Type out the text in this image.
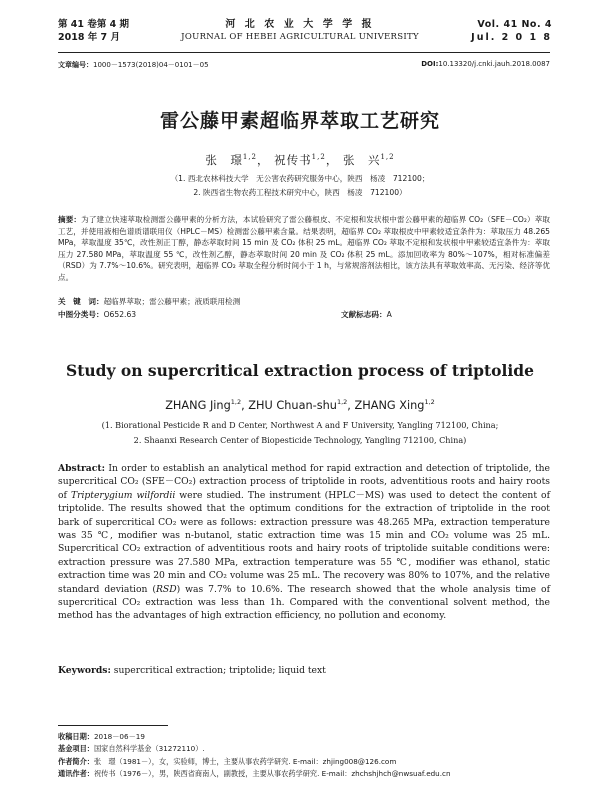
第 41 卷第 4 期
2018 年 7 月
河 北 农 业 大 学 学 报
JOURNAL OF HEBEI AGRICULTURAL UNIVERSITY
Vol. 41 No. 4
Jul. 2 0 1 8
文章编号：1000－1573(2018)04－0101－05	DOI:10.13320/j.cnki.jauh.2018.0087
雷公藤甲素超临界萃取工艺研究
张　璟$^{1,2}$， 祝传书$^{1,2}$， 张　兴$^{1,2}$
（1. 西北农林科技大学　无公害农药研究服务中心，陕西　杨凌　712100；
2. 陕西省生物农药工程技术研究中心，陕西　杨凌　712100）
摘要：为了建立快速萃取检测雷公藤甲素的分析方法，本试验研究了雷公藤根皮、不定根和发状根中雷公藤甲素的超临界 CO₂（SFE－CO₂）萃取工艺，并使用液相色谱质谱联用仪（HPLC－MS）检测雷公藤甲素含量。结果表明，超临界 CO₂ 萃取根皮中甲素较适宜条件为：萃取压力 48.265 MPa，萃取温度 35℃，改性剂正丁醇，静态萃取时间 15 min 及 CO₂ 体积 25 mL。超临界 CO₂ 萃取不定根和发状根中甲素较适宜条件为：萃取压力 27.580 MPa，萃取温度 55 ℃，改性剂乙醇，静态萃取时间 20 min 及 CO₂ 体积 25 mL。添加回收率为 80%～107%，相对标准偏差（RSD）为 7.7%～10.6%。研究表明，超临界 CO₂ 萃取全程分析时间小于 1 h，与常规溶剂法相比，该方法具有萃取效率高、无污染、经济等优点。
关　键　词：超临界萃取；雷公藤甲素；液质联用检测
中图分类号：O652.63	文献标志码：A
Study on supercritical extraction process of triptolide
ZHANG Jing$^{1,2}$, ZHU Chuan-shu$^{1,2}$, ZHANG Xing$^{1,2}$
(1. Biorational Pesticide R and D Center, Northwest A and F University, Yangling 712100, China;
2. Shaanxi Research Center of Biopesticide Technology, Yangling 712100, China)
Abstract: In order to establish an analytical method for rapid extraction and detection of triptolide, the supercritical CO₂ (SFE－CO₂) extraction process of triptolide in roots, adventitious roots and hairy roots of Tripterygium wilfordii were studied. The instrument (HPLC－MS) was used to detect the content of triptolide. The results showed that the optimum conditions for the extraction of triptolide in the root bark of supercritical CO₂ were as follows: extraction pressure was 48.265 MPa, extraction temperature was 35 ℃, modifier was n-butanol, static extraction time was 15 min and CO₂ volume was 25 mL. Supercritical CO₂ extraction of adventitious roots and hairy roots of triptolide suitable conditions were: extraction pressure was 27.580 MPa, extraction temperature was 55 ℃, modifier was ethanol, static extraction time was 20 min and CO₂ volume was 25 mL. The recovery was 80% to 107%, and the relative standard deviation (RSD) was 7.7% to 10.6%. The research showed that the whole analysis time of supercritical CO₂ extraction was less than 1h. Compared with the conventional solvent method, the method has the advantages of high extraction efficiency, no pollution and economy.
Keywords: supercritical extraction; triptolide; liquid text
收稿日期：2018－06－19
基金项目：国家自然科学基金（31272110）.
作者简介：张　璟（1981－），女，实验师，博士，主要从事农药学研究. E-mail：zhjing008@126.com
通讯作者：祝传书（1976－），男，陕西省商南人，副教授，主要从事农药学研究. E-mail：zhchshjhch@nwsuaf.edu.cn
